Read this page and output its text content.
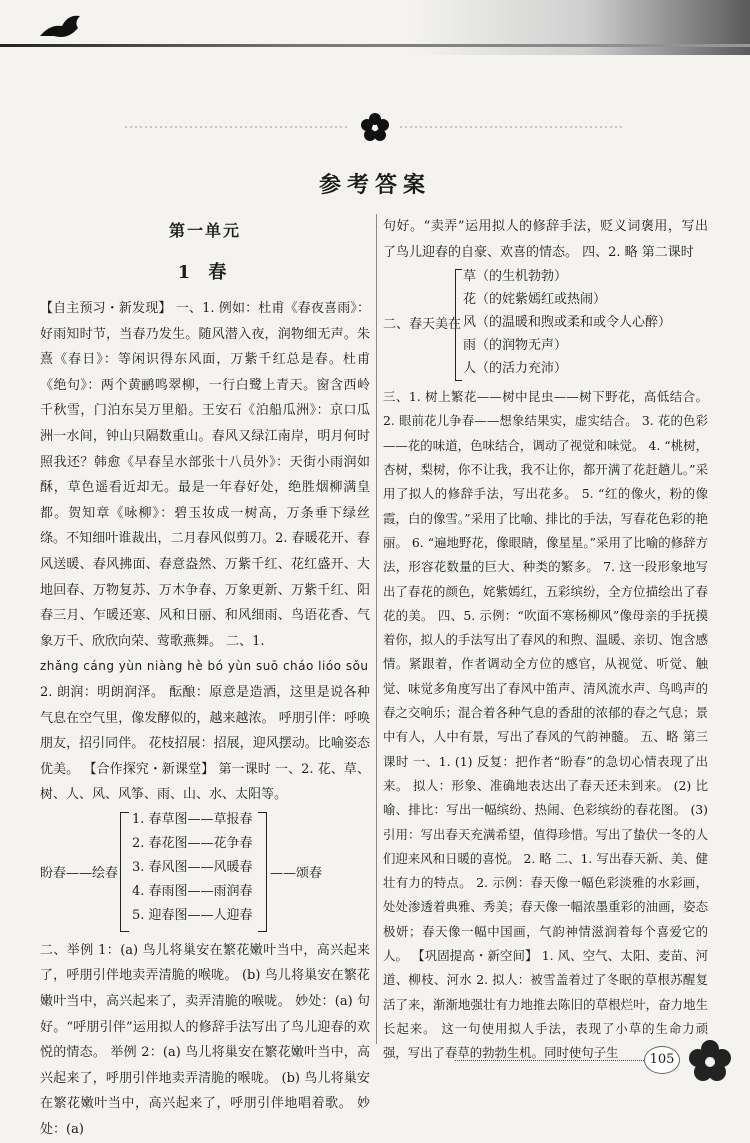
参考答案
第一单元
1 春

【自主预习・新发现】 一、1. 例如：杜甫《春夜喜雨》：好雨知时节，当春乃发生。随风潜入夜，润物细无声。朱熹《春日》：等闲识得东风面，万紫千红总是春。杜甫《绝句》：两个黄鹂鸣翠柳，一行白鹭上青天。窗含西岭千秋雪，门泊东吴万里船。王安石《泊船瓜洲》：京口瓜洲一水间，钟山只隔数重山。春风又绿江南岸，明月何时照我还？韩愈《早春呈水部张十八员外》：天街小雨润如酥，草色遥看近却无。最是一年春好处，绝胜烟柳满皇都。贺知章《咏柳》：碧玉妆成一树高，万条垂下绿丝绦。不知细叶谁裁出，二月春风似剪刀。2. 春暖花开、春风送暖、春风拂面、春意盎然、万紫千红、花红盛开、大地回春、万物复苏、万木争春、万象更新、万紫千红、阳春三月、乍暖还寒、风和日丽、和风细雨、鸟语花香、气象万千、欣欣向荣、莺歌燕舞。 二、1.

zhǎng cáng yùn niàng hè bó yùn suō cháo lióo sǒu

2. 朗润：明朗润泽。 酝酿：原意是造酒，这里是说各种气息在空气里，像发酵似的，越来越浓。 呼朋引伴：呼唤朋友，招引同伴。 花枝招展：招展，迎风摆动。比喻姿态优美。 【合作探究・新课堂】 第一课时 一、2. 花、草、树、人、风、风筝、雨、山、水、太阳等。

盼春——绘春
1. 春草图——草报春
2. 春花图——花争春
3. 春风图——风暖春
4. 春雨图——雨润春
5. 迎春图——人迎春
——颂春

二、举例 1：(a) 鸟儿将巢安在繁花嫩叶当中，高兴起来了，呼朋引伴地卖弄清脆的喉咙。 (b) 鸟儿将巢安在繁花嫩叶当中，高兴起来了，卖弄清脆的喉咙。 妙处：(a) 句好。“呼朋引伴”运用拟人的修辞手法写出了鸟儿迎春的欢悦的情态。 举例 2：(a) 鸟儿将巢安在繁花嫩叶当中，高兴起来了，呼朋引伴地卖弄清脆的喉咙。 (b) 鸟儿将巢安在繁花嫩叶当中，高兴起来了，呼朋引伴地唱着歌。 妙处：(a)

句好。“卖弄”运用拟人的修辞手法，贬义词褒用，写出了鸟儿迎春的自豪、欢喜的情态。 四、2. 略 第二课时

二、春天美在
草（的生机勃勃）
花（的姹紫嫣红或热闹）
风（的温暖和煦或柔和或令人心醉）
雨（的润物无声）
人（的活力充沛）

三、1. 树上繁花——树中昆虫——树下野花，高低结合。 2. 眼前花儿争春——想象结果实，虚实结合。 3. 花的色彩——花的味道，色味结合，调动了视觉和味觉。 4. “桃树，杏树，梨树，你不让我，我不让你，都开满了花赶趟儿。”采用了拟人的修辞手法，写出花多。 5. “红的像火，粉的像霞，白的像雪。”采用了比喻、排比的手法，写春花色彩的艳丽。 6. “遍地野花，像眼睛，像星星。”采用了比喻的修辞方法，形容花数量的巨大、种类的繁多。 7. 这一段形象地写出了春花的颜色，姹紫嫣红，五彩缤纷，全方位描绘出了春花的美。 四、5. 示例：“吹面不寒杨柳风”像母亲的手抚摸着你，拟人的手法写出了春风的和煦、温暖、亲切、饱含感情。紧跟着，作者调动全方位的感官，从视觉、听觉、触觉、味觉多角度写出了春风中笛声、清风流水声、鸟鸣声的春之交响乐；混合着各种气息的香甜的浓郁的春之气息；景中有人，人中有景，写出了春风的气韵神髓。 五、略 第三课时 一、1. (1) 反复：把作者“盼春”的急切心情表现了出来。 拟人：形象、准确地表达出了春天还未到来。 (2) 比喻、排比：写出一幅缤纷、热闹、色彩缤纷的春花图。 (3) 引用：写出春天充满希望，值得珍惜。写出了蛰伏一冬的人们迎来风和日暖的喜悦。 2. 略 二、1. 写出春天新、美、健壮有力的特点。 2. 示例：春天像一幅色彩淡雅的水彩画，处处渗透着典雅、秀美；春天像一幅浓墨重彩的油画，姿态极妍；春天像一幅中国画，气韵神情滋润着每个喜爱它的人。 【巩固提高・新空间】 1. 风、空气、太阳、麦苗、河道、柳枝、河水 2. 拟人：被雪盖着过了冬眠的草根苏醒复活了来，渐渐地强壮有力地推去陈旧的草根烂叶，奋力地生长起来。 这一句使用拟人手法，表现了小草的生命力顽强，写出了春草的勃勃生机。同时使句子生	105
